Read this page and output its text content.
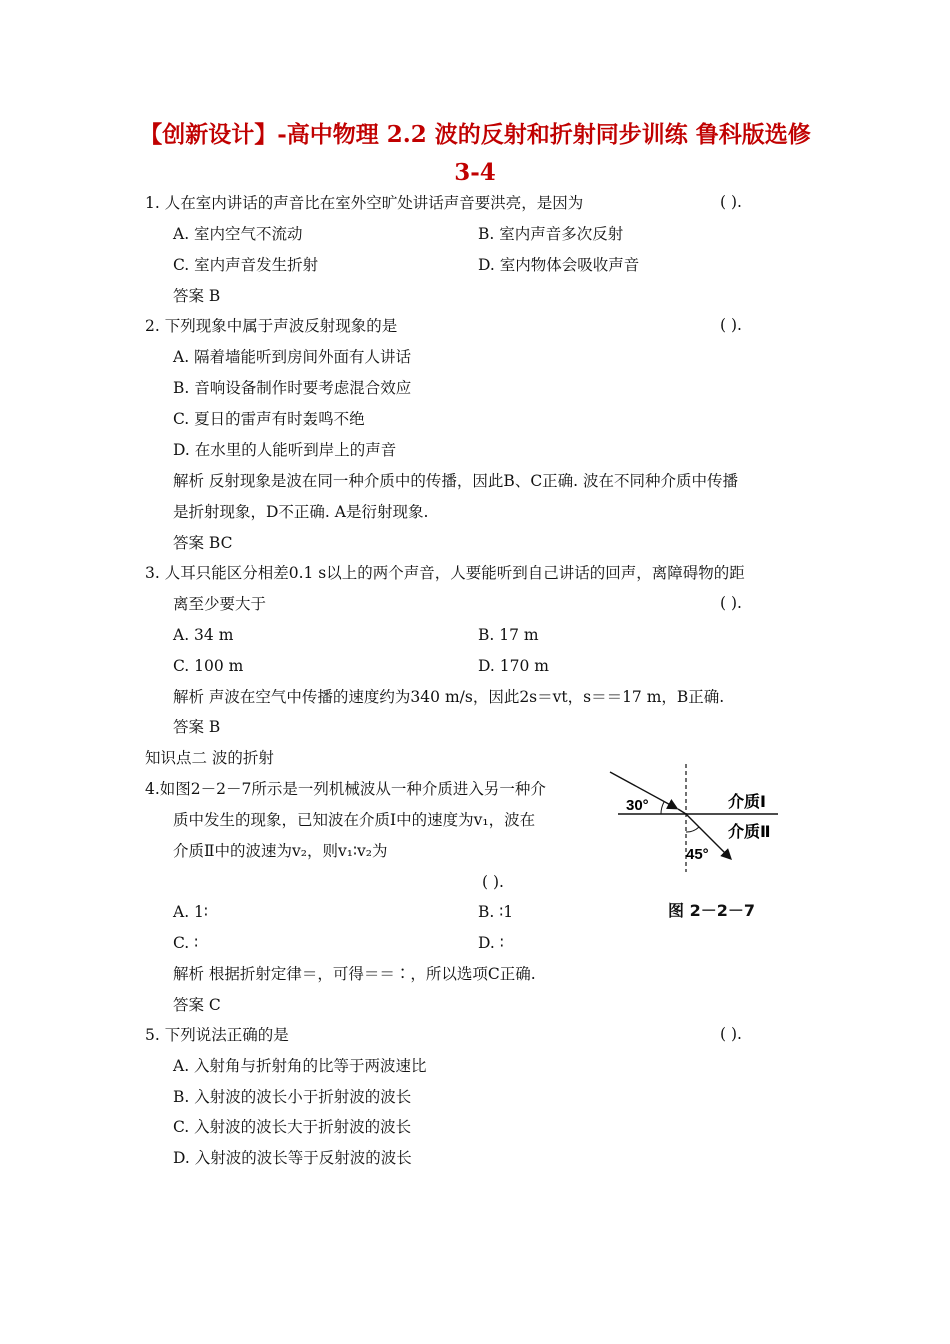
【创新设计】-高中物理 2.2 波的反射和折射同步训练 鲁科版选修
3-4
1. 人在室内讲话的声音比在室外空旷处讲话声音要洪亮，是因为	( ).
A. 室内空气不流动	B. 室内声音多次反射
C. 室内声音发生折射	D. 室内物体会吸收声音
答案 B
2. 下列现象中属于声波反射现象的是	( ).
A. 隔着墙能听到房间外面有人讲话
B. 音响设备制作时要考虑混合效应
C. 夏日的雷声有时轰鸣不绝
D. 在水里的人能听到岸上的声音
解析 反射现象是波在同一种介质中的传播，因此B、C正确. 波在不同种介质中传播
是折射现象，D不正确. A是衍射现象.
答案 BC
3. 人耳只能区分相差0.1 s以上的两个声音，人要能听到自己讲话的回声，离障碍物的距
离至少要大于	( ).
A. 34 m	B. 17 m
C. 100 m	D. 170 m
解析 声波在空气中传播的速度约为340 m/s，因此2s＝vt，s＝＝17 m，B正确.
答案 B
知识点二 波的折射
4.如图2－2－7所示是一列机械波从一种介质进入另一种介
质中发生的现象，已知波在介质Ⅰ中的速度为v₁，波在
介质Ⅱ中的波速为v₂，则v₁∶v₂为
( ).
A. 1∶	B. ∶1
C. ∶	D. ∶
解析 根据折射定律＝，可得＝＝∶，所以选项C正确.
答案 C
30°
45°
介质Ⅰ
介质Ⅱ
图 2－2－7
5. 下列说法正确的是	( ).
A. 入射角与折射角的比等于两波速比
B. 入射波的波长小于折射波的波长
C. 入射波的波长大于折射波的波长
D. 入射波的波长等于反射波的波长
